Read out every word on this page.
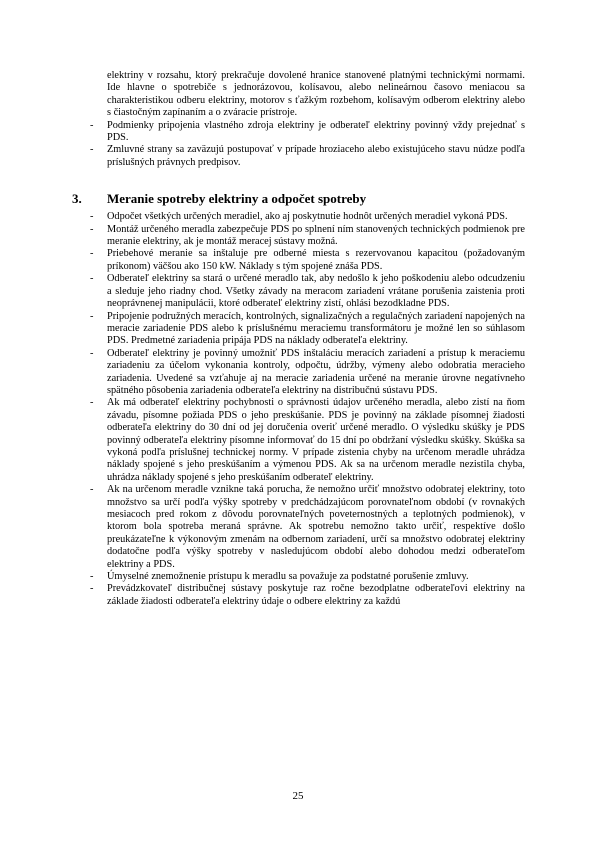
elektriny v rozsahu, ktorý prekračuje dovolené hranice stanovené platnými technickými normami. Ide hlavne o spotrebiče s jednorázovou, kolísavou, alebo nelineárnou časovo meniacou sa charakteristikou odberu elektriny, motorov s ťažkým rozbehom, kolísavým odberom elektriny alebo s čiastočným zapínaním a o zváracie prístroje.
- Podmienky pripojenia vlastného zdroja elektriny je odberateľ elektriny povinný vždy prejednať s PDS.
- Zmluvné strany sa zaväzujú postupovať v prípade hroziaceho alebo existujúceho stavu núdze podľa príslušných právnych predpisov.
3. Meranie spotreby elektriny a odpočet spotreby
- Odpočet všetkých určených meradiel, ako aj poskytnutie hodnôt určených meradiel vykoná PDS.
- Montáž určeného meradla zabezpečuje PDS po splnení ním stanovených technických podmienok pre meranie elektriny, ak je montáž meracej sústavy možná.
- Priebehové meranie sa inštaluje pre odberné miesta s rezervovanou kapacitou (požadovaným príkonom) väčšou ako 150 kW. Náklady s tým spojené znáša PDS.
- Odberateľ elektriny sa stará o určené meradlo tak, aby nedošlo k jeho poškodeniu alebo odcudzeniu a sleduje jeho riadny chod. Všetky závady na meracom zariadení vrátane porušenia zaistenia proti neoprávnenej manipulácii, ktoré odberateľ elektriny zistí, ohlási bezodkladne PDS.
- Pripojenie podružných meracích, kontrolných, signalizačných a regulačných zariadení napojených na meracie zariadenie PDS alebo k príslušnému meraciemu transformátoru je možné len so súhlasom PDS. Predmetné zariadenia pripája PDS na náklady odberateľa elektriny.
- Odberateľ elektriny je povinný umožniť PDS inštaláciu meracích zariadení a prístup k meraciemu zariadeniu za účelom vykonania kontroly, odpočtu, údržby, výmeny alebo odobratia meracieho zariadenia. Uvedené sa vzťahuje aj na meracie zariadenia určené na meranie úrovne negatívneho spätného pôsobenia zariadenia odberateľa elektriny na distribučnú sústavu PDS.
- Ak má odberateľ elektriny pochybnosti o správnosti údajov určeného meradla, alebo zistí na ňom závadu, písomne požiada PDS o jeho preskúšanie. PDS je povinný na základe písomnej žiadosti odberateľa elektriny do 30 dní od jej doručenia overiť určené meradlo. O výsledku skúšky je PDS povinný odberateľa elektriny písomne informovať do 15 dní po obdržaní výsledku skúšky. Skúška sa vykoná podľa príslušnej technickej normy. V prípade zistenia chyby na určenom meradle uhrádza náklady spojené s jeho preskúšaním a výmenou PDS. Ak sa na určenom meradle nezistila chyba, uhrádza náklady spojené s jeho preskúšaním odberateľ elektriny.
- Ak na určenom meradle vznikne taká porucha, že nemožno určiť množstvo odobratej elektriny, toto množstvo sa určí podľa výšky spotreby v predchádzajúcom porovnateľnom období (v rovnakých mesiacoch pred rokom z dôvodu porovnateľných poveternostných a teplotných podmienok), v ktorom bola spotreba meraná správne. Ak spotrebu nemožno takto určiť, respektíve došlo preukázateľne k výkonovým zmenám na odbernom zariadení, určí sa množstvo odobratej elektriny dodatočne podľa výšky spotreby v nasledujúcom období alebo dohodou medzi odberateľom elektriny a PDS.
- Úmyselné znemožnenie prístupu k meradlu sa považuje za podstatné porušenie zmluvy.
- Prevádzkovateľ distribučnej sústavy poskytuje raz ročne bezodplatne odberateľovi elektriny na základe žiadosti odberateľa elektriny údaje o odbere elektriny za každú
25
